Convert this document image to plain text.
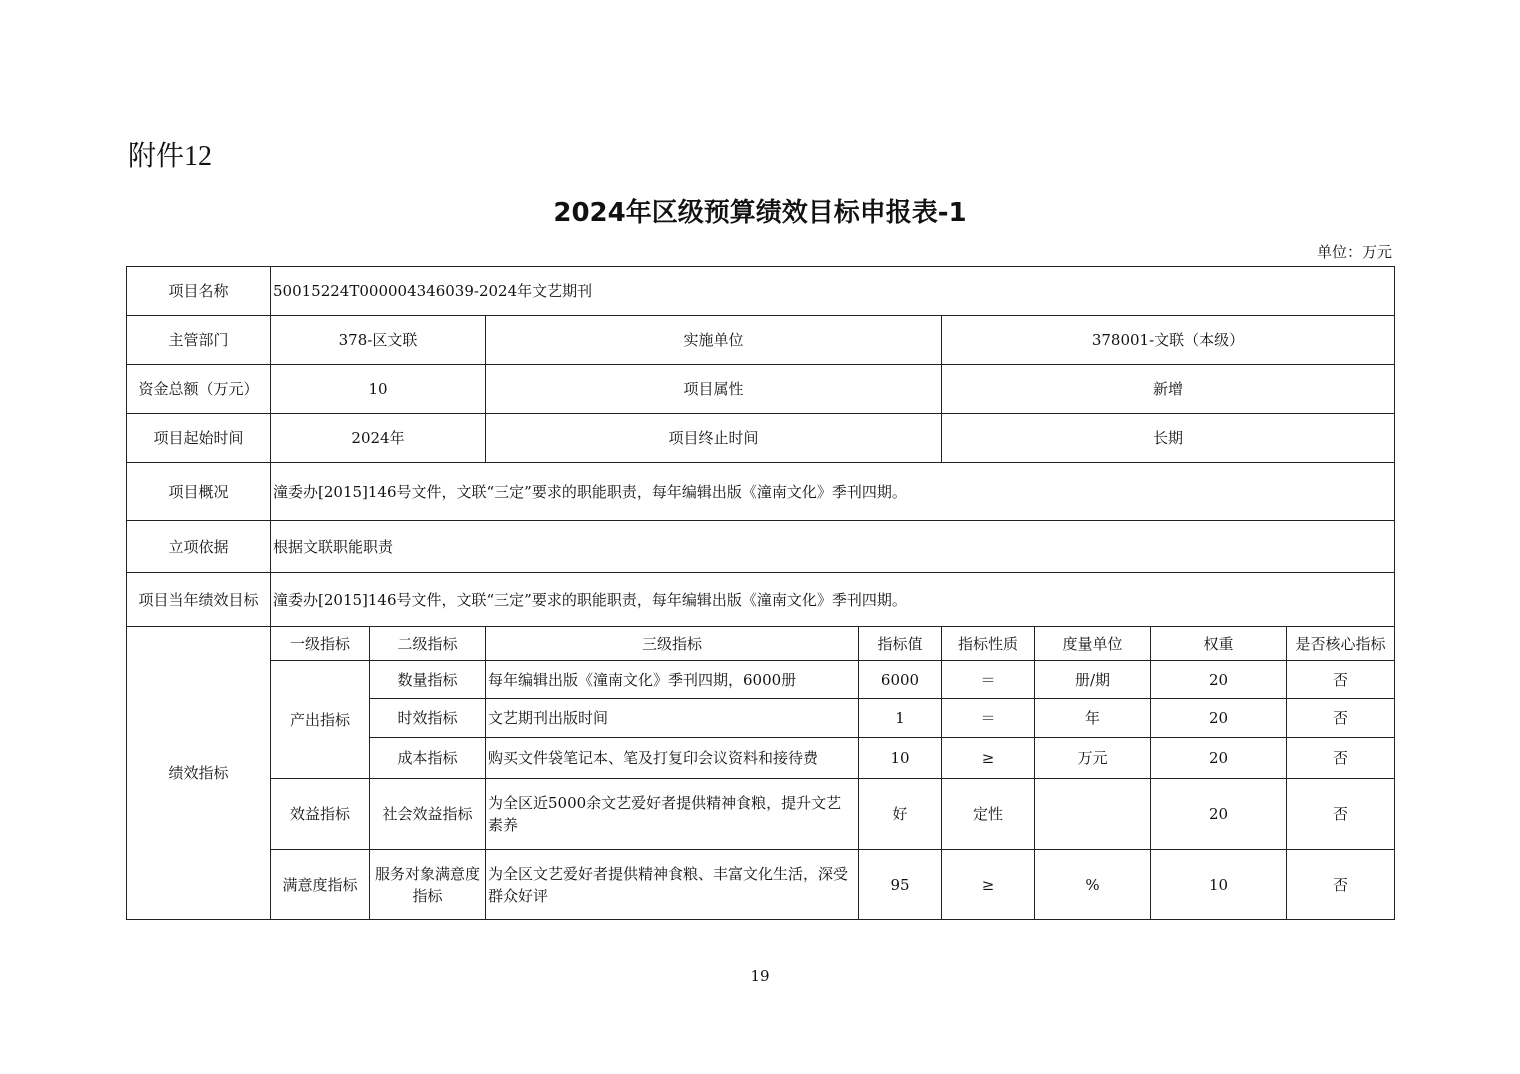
附件12
2024年区级预算绩效目标申报表-1
单位：万元
项目名称	50015224T000004346039-2024年文艺期刊							
主管部门	378-区文联		实施单位		378001-文联（本级）			
资金总额（万元）	10		项目属性		新增			
项目起始时间	2024年		项目终止时间		长期			
项目概况	潼委办[2015]146号文件，文联“三定”要求的职能职责，每年编辑出版《潼南文化》季刊四期。							
立项依据	根据文联职能职责							
项目当年绩效目标	潼委办[2015]146号文件，文联“三定”要求的职能职责，每年编辑出版《潼南文化》季刊四期。							
绩效指标	一级指标	二级指标	三级指标	指标值	指标性质	度量单位	权重	是否核心指标
	产出指标	数量指标	每年编辑出版《潼南文化》季刊四期，6000册	6000	＝	册/期	20	否
		时效指标	文艺期刊出版时间	1	＝	年	20	否
		成本指标	购买文件袋笔记本、笔及打复印会议资料和接待费	10	≥	万元	20	否
	效益指标	社会效益指标	为全区近5000余文艺爱好者提供精神食粮，提升文艺素养	好	定性		20	否
	满意度指标	服务对象满意度指标	为全区文艺爱好者提供精神食粮、丰富文化生活，深受群众好评	95	≥	%	10	否
19
